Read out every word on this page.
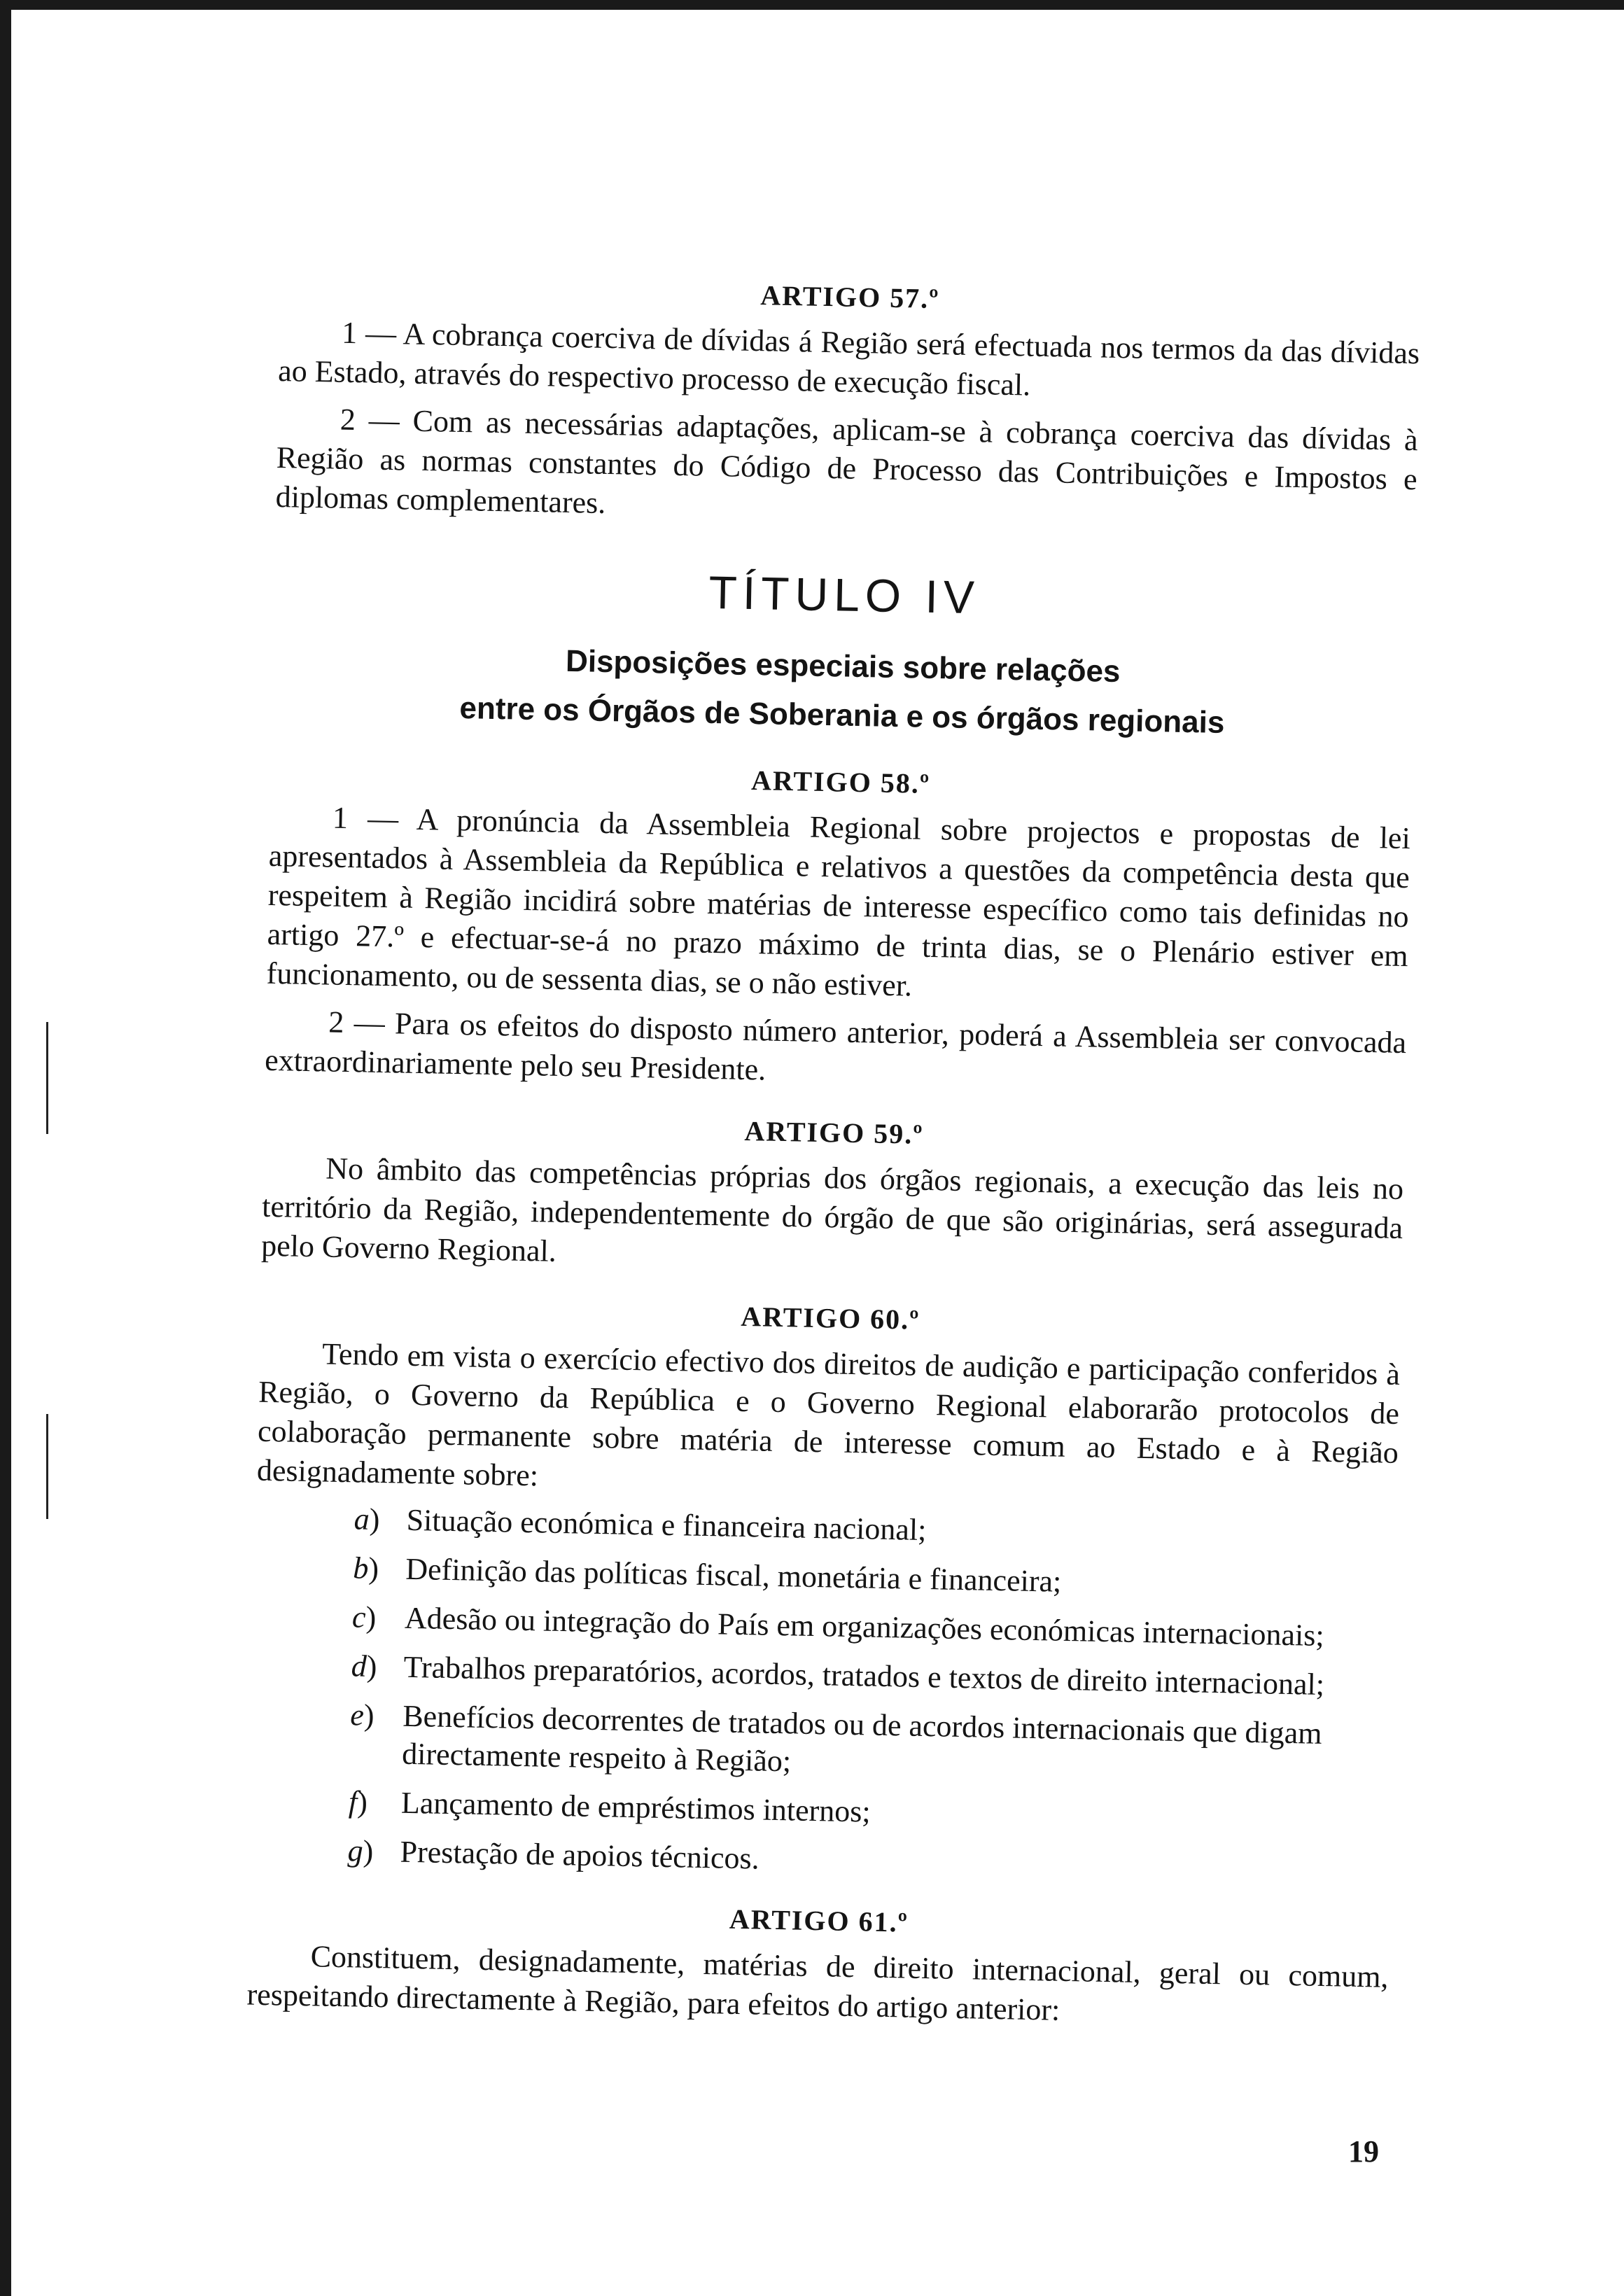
ARTIGO 57.º

1 — A cobrança coerciva de dívidas á Região será efectuada nos termos da das dívidas ao Estado, através do respectivo processo de execução fiscal.

2 — Com as necessárias adaptações, aplicam-se à cobrança coerciva das dívidas à Região as normas constantes do Código de Processo das Contribuições e Impostos e diplomas complementares.

TÍTULO IV
Disposições especiais sobre relações
entre os Órgãos de Soberania e os órgãos regionais
ARTIGO 58.º

1 — A pronúncia da Assembleia Regional sobre projectos e propostas de lei apresentados à Assembleia da República e relativos a questões da competência desta que respeitem à Região incidirá sobre matérias de interesse específico como tais definidas no artigo 27.º e efectuar-se-á no prazo máximo de trinta dias, se o Plenário estiver em funcionamento, ou de sessenta dias, se o não estiver.

2 — Para os efeitos do disposto número anterior, poderá a Assembleia ser convocada extraordinariamente pelo seu Presidente.

ARTIGO 59.º

No âmbito das competências próprias dos órgãos regionais, a execução das leis no território da Região, independentemente do órgão de que são originárias, será assegurada pelo Governo Regional.

ARTIGO 60.º

Tendo em vista o exercício efectivo dos direitos de audição e participação conferidos à Região, o Governo da República e o Governo Regional elaborarão protocolos de colaboração permanente sobre matéria de interesse comum ao Estado e à Região designadamente sobre:

a) Situação económica e financeira nacional;
b) Definição das políticas fiscal, monetária e financeira;
c) Adesão ou integração do País em organizações económicas internacionais;
d) Trabalhos preparatórios, acordos, tratados e textos de direito internacional;
e) Benefícios decorrentes de tratados ou de acordos internacionais que digam directamente respeito à Região;
f) Lançamento de empréstimos internos;
g) Prestação de apoios técnicos.
ARTIGO 61.º

Constituem, designadamente, matérias de direito internacional, geral ou comum, respeitando directamente à Região, para efeitos do artigo anterior:

19
